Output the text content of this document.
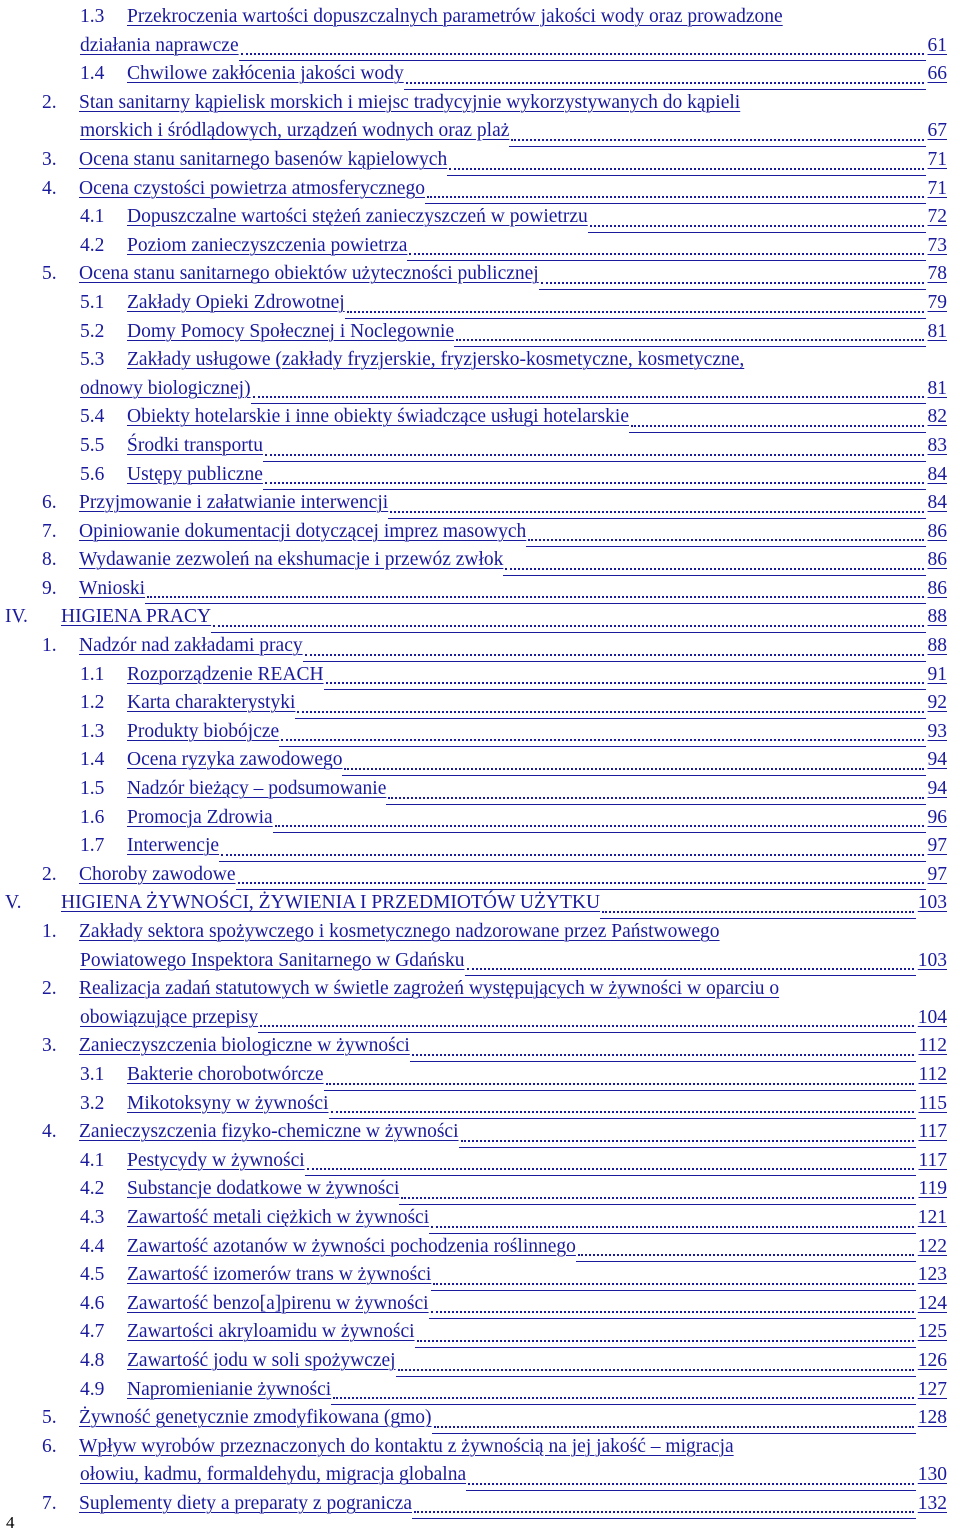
1.3 Przekroczenia wartości dopuszczalnych parametrów jakości wody oraz prowadzone
działania naprawcze	61
1.4 Chwilowe zakłócenia jakości wody	66
2. Stan sanitarny kąpielisk morskich i miejsc tradycyjnie wykorzystywanych do kąpieli
morskich i śródlądowych, urządzeń wodnych oraz plaż	67
3. Ocena stanu sanitarnego basenów kąpielowych	71
4. Ocena czystości powietrza atmosferycznego	71
4.1 Dopuszczalne wartości stężeń zanieczyszczeń w powietrzu	72
4.2 Poziom zanieczyszczenia powietrza	73
5. Ocena stanu sanitarnego obiektów użyteczności publicznej	78
5.1 Zakłady Opieki Zdrowotnej	79
5.2 Domy Pomocy Społecznej i Noclegownie	81
5.3 Zakłady usługowe (zakłady fryzjerskie, fryzjersko-kosmetyczne, kosmetyczne,
odnowy biologicznej)	81
5.4 Obiekty hotelarskie i inne obiekty świadczące usługi hotelarskie	82
5.5 Środki transportu	83
5.6 Ustępy publiczne	84
6. Przyjmowanie i załatwianie interwencji	84
7. Opiniowanie dokumentacji dotyczącej imprez masowych	86
8. Wydawanie zezwoleń na ekshumacje i przewóz zwłok	86
9. Wnioski	86
IV. HIGIENA PRACY	88
1. Nadzór nad zakładami pracy	88
1.1 Rozporządzenie REACH	91
1.2 Karta charakterystyki	92
1.3 Produkty biobójcze	93
1.4 Ocena ryzyka zawodowego	94
1.5 Nadzór bieżący – podsumowanie	94
1.6 Promocja Zdrowia	96
1.7 Interwencje	97
2. Choroby zawodowe	97
V. HIGIENA ŻYWNOŚCI, ŻYWIENIA I PRZEDMIOTÓW UŻYTKU	103
1. Zakłady sektora spożywczego i kosmetycznego nadzorowane przez Państwowego
Powiatowego Inspektora Sanitarnego w Gdańsku	103
2. Realizacja zadań statutowych w świetle zagrożeń występujących w żywności w oparciu o
obowiązujące przepisy	104
3. Zanieczyszczenia biologiczne w żywności	112
3.1 Bakterie chorobotwórcze	112
3.2 Mikotoksyny w żywności	115
4. Zanieczyszczenia fizyko-chemiczne w żywności	117
4.1 Pestycydy w żywności	117
4.2 Substancje dodatkowe w żywności	119
4.3 Zawartość metali ciężkich w żywności	121
4.4 Zawartość azotanów w żywności pochodzenia roślinnego	122
4.5 Zawartość izomerów trans w żywności	123
4.6 Zawartość benzo[a]pirenu w żywności	124
4.7 Zawartości akryloamidu w żywności	125
4.8 Zawartość jodu w soli spożywczej	126
4.9 Napromienianie żywności	127
5. Żywność genetycznie zmodyfikowana (gmo)	128
6. Wpływ wyrobów przeznaczonych do kontaktu z żywnością na jej jakość – migracja
ołowiu, kadmu, formaldehydu, migracja globalna	130
7. Suplementy diety a preparaty z pogranicza	132
4
